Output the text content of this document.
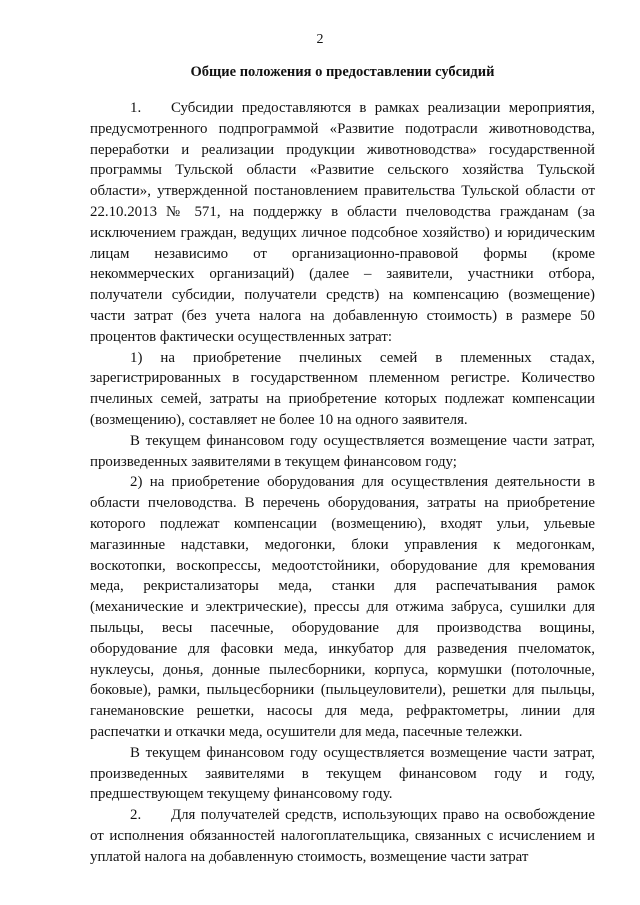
2
Общие положения о предоставлении субсидий

1.  Субсидии предоставляются в рамках реализации мероприятия, предусмотренного подпрограммой «Развитие подотрасли животноводства, переработки и реализации продукции животноводства» государственной программы Тульской области «Развитие сельского хозяйства Тульской области», утвержденной постановлением правительства Тульской области от 22.10.2013 № 571, на поддержку в области пчеловодства гражданам (за исключением граждан, ведущих личное подсобное хозяйство) и юридическим лицам независимо от организационно-правовой формы (кроме некоммерческих организаций) (далее – заявители, участники отбора, получатели субсидии, получатели средств) на компенсацию (возмещение) части затрат (без учета налога на добавленную стоимость) в размере 50 процентов фактически осуществленных затрат:

1) на приобретение пчелиных семей в племенных стадах, зарегистрированных в государственном племенном регистре. Количество пчелиных семей, затраты на приобретение которых подлежат компенсации (возмещению), составляет не более 10 на одного заявителя.

В текущем финансовом году осуществляется возмещение части затрат, произведенных заявителями в текущем финансовом году;

2) на приобретение оборудования для осуществления деятельности в области пчеловодства. В перечень оборудования, затраты на приобретение которого подлежат компенсации (возмещению), входят ульи, ульевые магазинные надставки, медогонки, блоки управления к медогонкам, воскотопки, воскопрессы, медоотстойники, оборудование для кремования меда, рекристализаторы меда, станки для распечатывания рамок (механические и электрические), прессы для отжима забруса, сушилки для пыльцы, весы пасечные, оборудование для производства вощины, оборудование для фасовки меда, инкубатор для разведения пчеломаток, нуклеусы, донья, донные пылесборники, корпуса, кормушки (потолочные, боковые), рамки, пыльцесборники (пыльцеуловители), решетки для пыльцы, ганемановские решетки, насосы для меда, рефрактометры, линии для распечатки и откачки меда, осушители для меда, пасечные тележки.

В текущем финансовом году осуществляется возмещение части затрат, произведенных заявителями в текущем финансовом году и году, предшествующем текущему финансовому году.

2.  Для получателей средств, использующих право на освобождение от исполнения обязанностей налогоплательщика, связанных с исчислением и уплатой налога на добавленную стоимость, возмещение части затрат
